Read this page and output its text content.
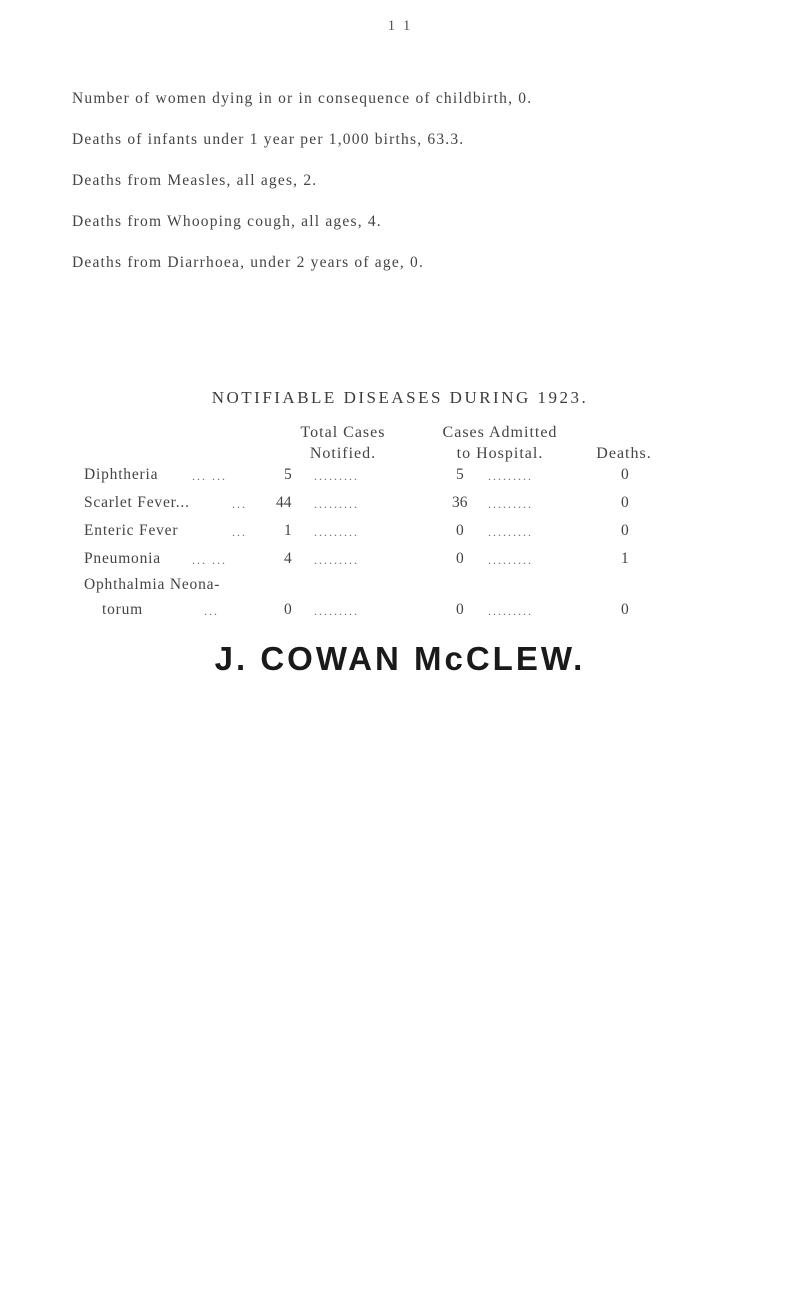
1 1
Number of women dying in or in consequence of childbirth, 0.
Deaths of infants under 1 year per 1,000 births, 63.3.
Deaths from Measles, all ages, 2.
Deaths from Whooping cough, all ages, 4.
Deaths from Diarrhoea, under 2 years of age, 0.
NOTIFIABLE DISEASES DURING 1923.
Total Cases
Notified.
Cases Admitted
to Hospital.	Deaths.
Diphtheria	... ...	5 .........	5 .........	0
Scarlet Fever...	... 44 .........	36 .........	0
Enteric Fever	... 1 .........	0 .........	0
Pneumonia	... ...	4 .........	0 .........	1
Ophthalmia Neona-
torum	...	0 .........	0 .........	0
J. COWAN McCLEW.
